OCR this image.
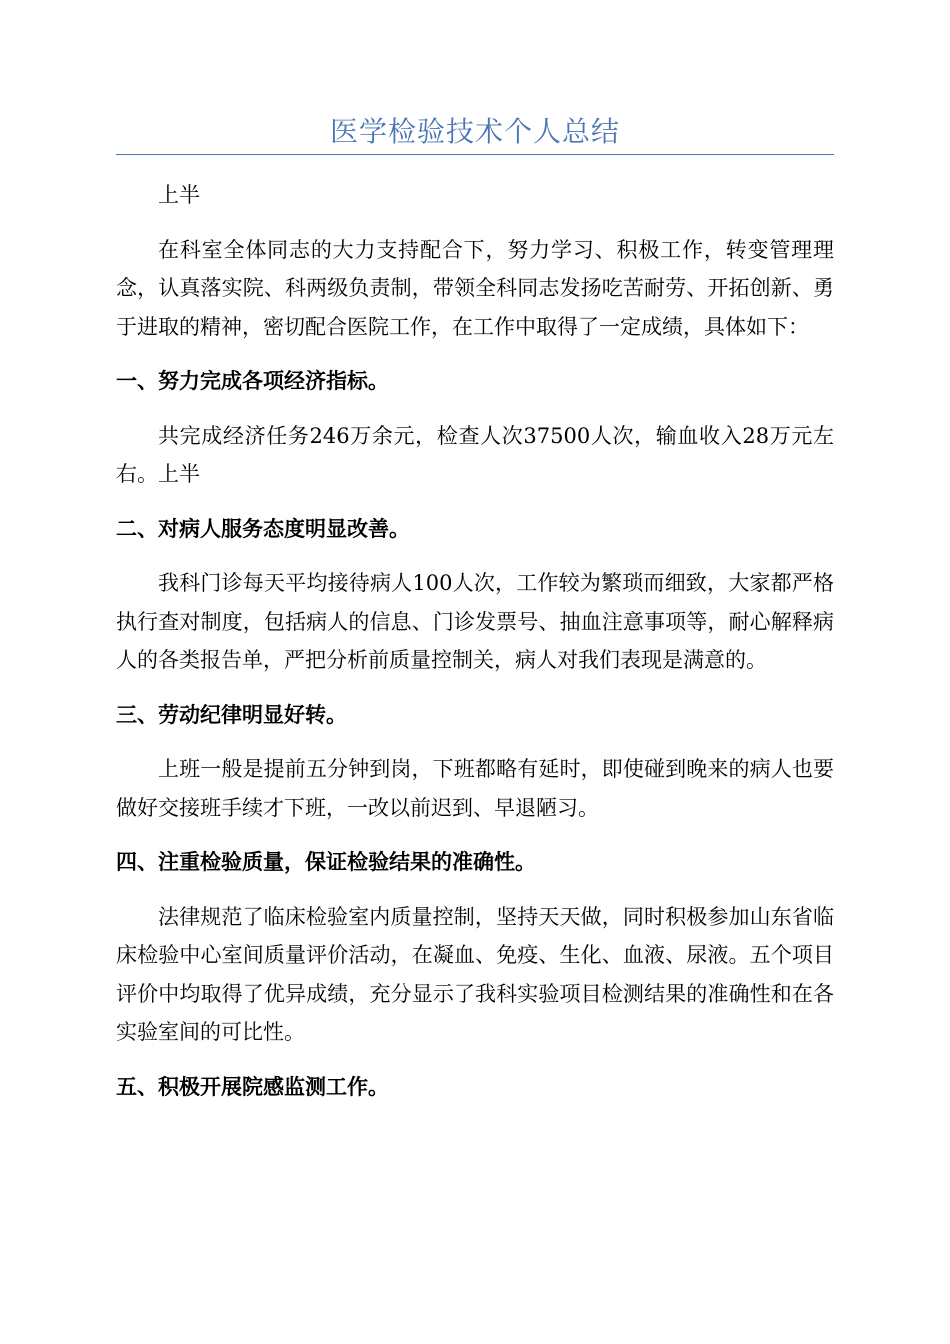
医学检验技术个人总结

上半

在科室全体同志的大力支持配合下，努力学习、积极工作，转变管理理念，认真落实院、科两级负责制，带领全科同志发扬吃苦耐劳、开拓创新、勇于进取的精神，密切配合医院工作，在工作中取得了一定成绩，具体如下：

一、努力完成各项经济指标。

共完成经济任务246万余元，检查人次37500人次，输血收入28万元左右。上半

二、对病人服务态度明显改善。

我科门诊每天平均接待病人100人次，工作较为繁琐而细致，大家都严格执行查对制度，包括病人的信息、门诊发票号、抽血注意事项等，耐心解释病人的各类报告单，严把分析前质量控制关，病人对我们表现是满意的。

三、劳动纪律明显好转。

上班一般是提前五分钟到岗，下班都略有延时，即使碰到晚来的病人也要做好交接班手续才下班，一改以前迟到、早退陋习。

四、注重检验质量，保证检验结果的准确性。

法律规范了临床检验室内质量控制，坚持天天做，同时积极参加山东省临床检验中心室间质量评价活动，在凝血、免疫、生化、血液、尿液。五个项目评价中均取得了优异成绩，充分显示了我科实验项目检测结果的准确性和在各实验室间的可比性。

五、积极开展院感监测工作。
